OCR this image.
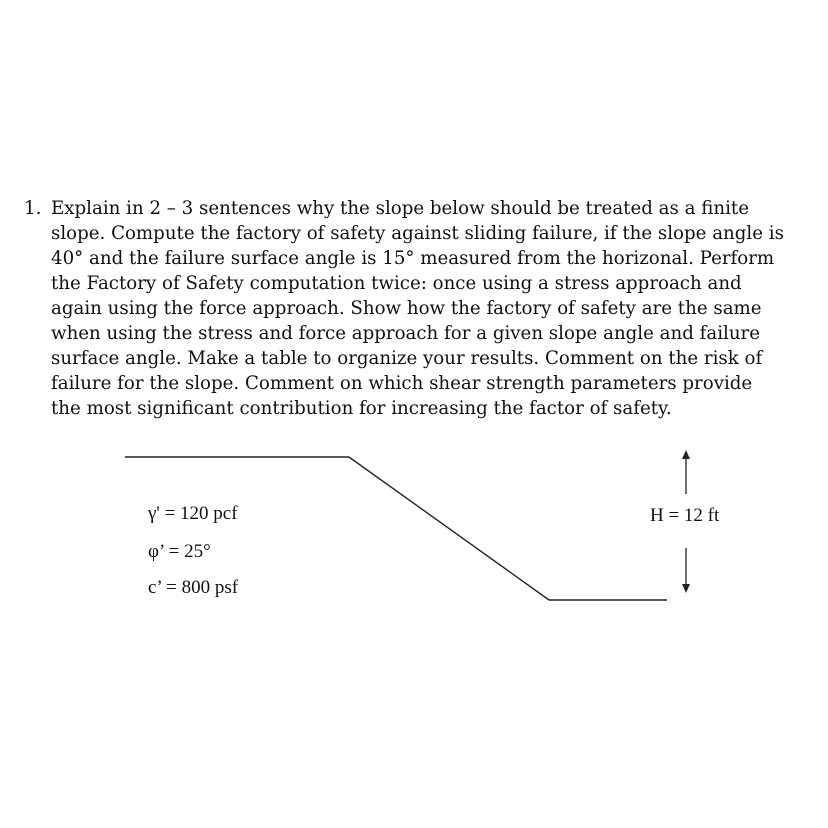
1. Explain in 2 – 3 sentences why the slope below should be treated as a finite slope. Compute the factory of safety against sliding failure, if the slope angle is 40° and the failure surface angle is 15° measured from the horizonal. Perform the Factory of Safety computation twice: once using a stress approach and again using the force approach. Show how the factory of safety are the same when using the stress and force approach for a given slope angle and failure surface angle. Make a table to organize your results. Comment on the risk of failure for the slope. Comment on which shear strength parameters provide the most significant contribution for increasing the factor of safety.
γ' = 120 pcf
φ’ = 25°
c’ = 800 psf
H = 12 ft
